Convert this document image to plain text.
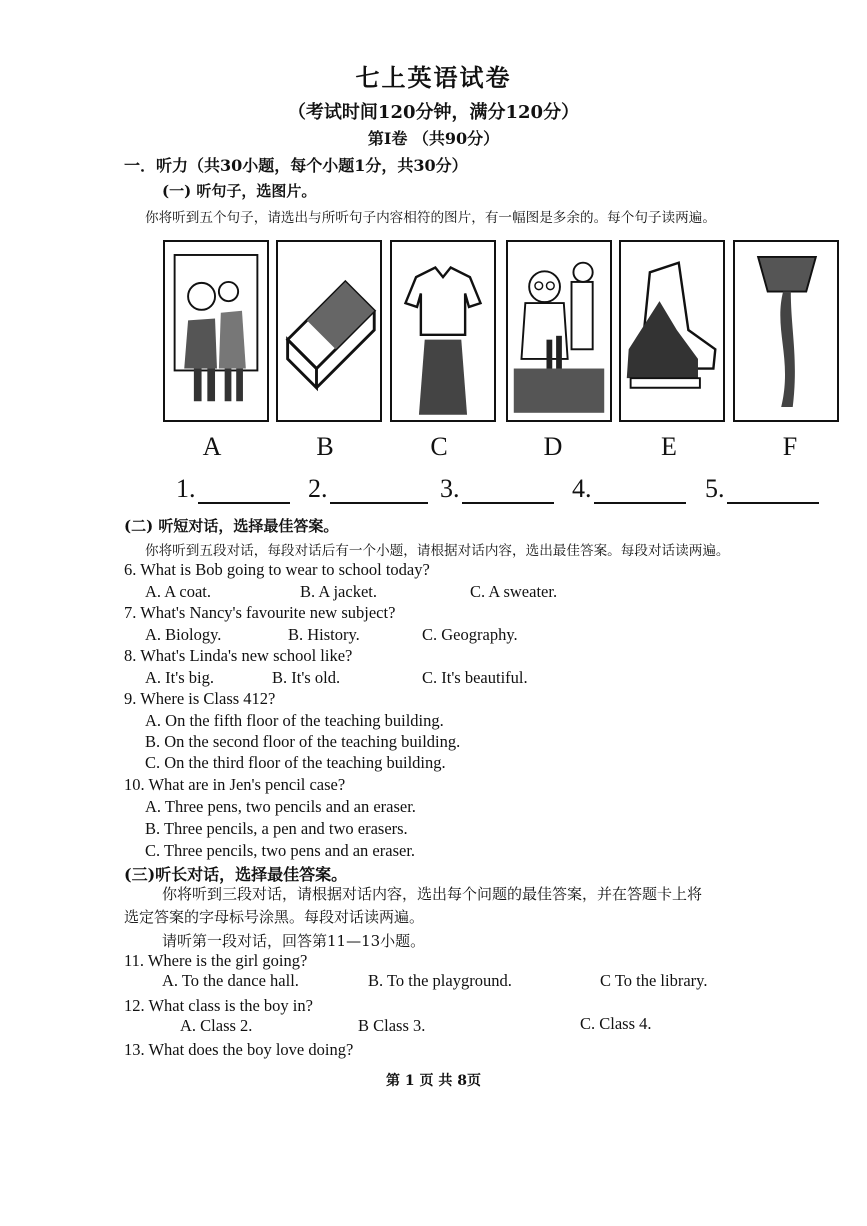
七上英语试卷
（考试时间120分钟，满分120分）
第Ⅰ卷 （共90分）
一．听力（共30小题，每个小题1分，共30分）
(一) 听句子，选图片。
你将听到五个句子，请选出与所听句子内容相符的图片，有一幅图是多余的。每个句子读两遍。
A	B	C	D	E	F
1.	2.	3.	4.	5.
(二) 听短对话，选择最佳答案。
你将听到五段对话，每段对话后有一个小题，请根据对话内容，选出最佳答案。每段对话读两遍。
6. What is Bob going to wear to school today?
A. A coat.	B. A jacket.	C. A sweater.
7. What's Nancy's favourite new subject?
A. Biology.	B. History.	C. Geography.
8. What's Linda's new school like?
A. It's big.	B. It's old.	C. It's beautiful.
9. Where is Class 412?
A. On the fifth floor of the teaching building.
B. On the second floor of the teaching building.
C. On the third floor of the teaching building.
10. What are in Jen's pencil case?
A. Three pens, two pencils and an eraser.
B. Three pencils, a pen and two erasers.
C. Three pencils, two pens and an eraser.
(三)听长对话，选择最佳答案。
你将听到三段对话，请根据对话内容，选出每个问题的最佳答案，并在答题卡上将
选定答案的字母标号涂黑。每段对话读两遍。
请听第一段对话，回答第11—13小题。
11. Where is the girl going?
A. To the dance hall.	B. To the playground.	C To the library.
12. What class is the boy in?
A. Class 2.	B Class 3.	C. Class 4.
13. What does the boy love doing?
第 1 页 共 8页
